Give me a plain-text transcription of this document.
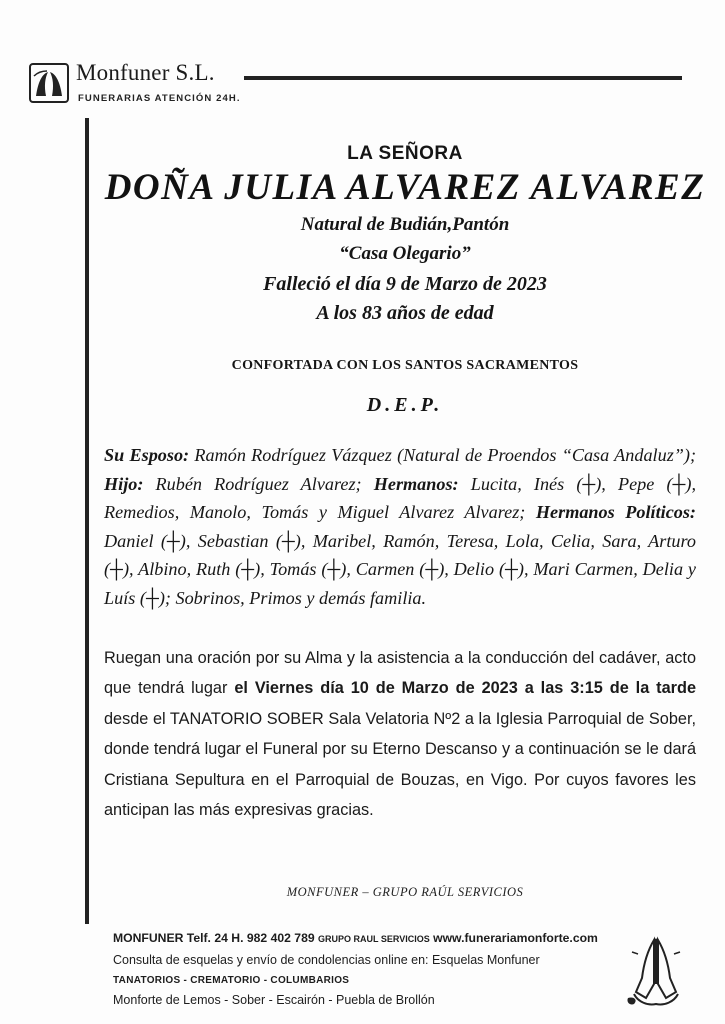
Monfuner S.L.
FUNERARIAS ATENCIÓN 24H.
LA SEÑORA
DOÑA JULIA ALVAREZ ALVAREZ
Natural de Budián,Pantón
“Casa Olegario”
Falleció el día 9 de Marzo de 2023
A los 83 años de edad
CONFORTADA CON LOS SANTOS SACRAMENTOS
D.E.P.
Su Esposo: Ramón Rodríguez Vázquez (Natural de Proendos “Casa Andaluz”); Hijo: Rubén Rodríguez Alvarez; Hermanos: Lucita, Inés (┼), Pepe (┼), Remedios, Manolo, Tomás y Miguel Alvarez Alvarez; Hermanos Políticos: Daniel (┼), Sebastian (┼), Maribel, Ramón, Teresa, Lola, Celia, Sara, Arturo (┼), Albino, Ruth (┼), Tomás (┼), Carmen (┼), Delio (┼), Mari Carmen, Delia y Luís (┼); Sobrinos, Primos y demás familia.
Ruegan una oración por su Alma y la asistencia a la conducción del cadáver, acto que tendrá lugar el Viernes día 10 de Marzo de 2023 a las 3:15 de la tarde desde el TANATORIO SOBER Sala Velatoria Nº2 a la Iglesia Parroquial de Sober, donde tendrá lugar el Funeral por su Eterno Descanso y a continuación se le dará Cristiana Sepultura en el Parroquial de Bouzas, en Vigo. Por cuyos favores les anticipan las más expresivas gracias.
MONFUNER – GRUPO RAÚL SERVICIOS
MONFUNER Telf. 24 H. 982 402 789 GRUPO RAUL SERVICIOS www.funerariamonforte.com
Consulta de esquelas y envío de condolencias online en: Esquelas Monfuner
TANATORIOS - CREMATORIO - COLUMBARIOS
Monforte de Lemos - Sober - Escairón - Puebla de Brollón
